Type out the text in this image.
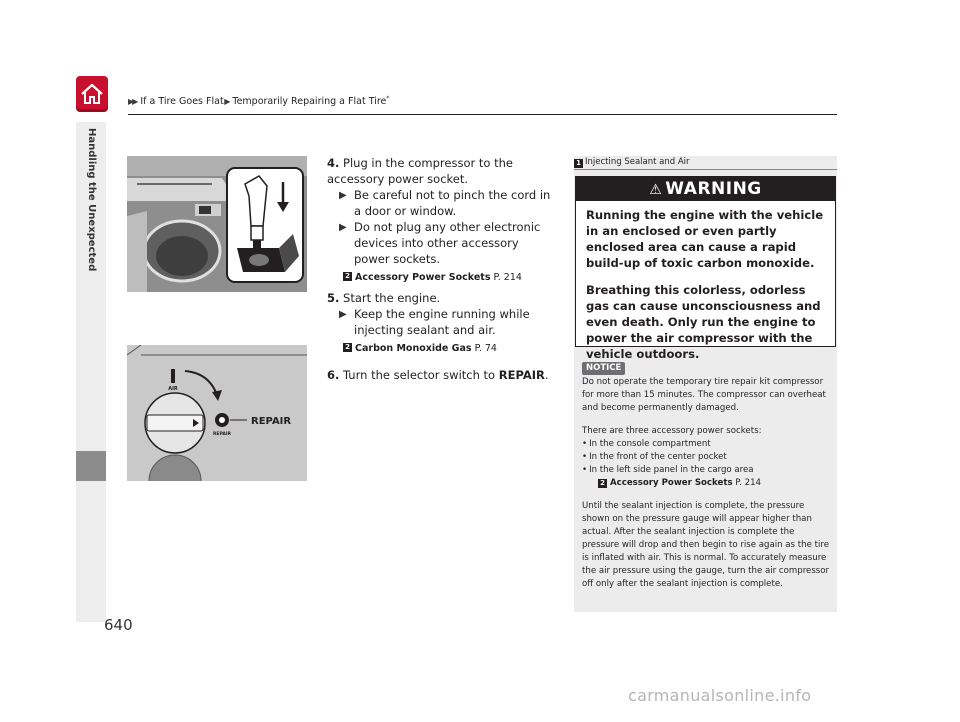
▶▶ If a Tire Goes Flat ▶ Temporarily Repairing a Flat Tire*
Handling the Unexpected
640
4. Plug in the compressor to the accessory power socket.
▶ Be careful not to pinch the cord in a door or window.
▶ Do not plug any other electronic devices into other accessory power sockets.
2 Accessory Power Sockets P. 214
5. Start the engine.
▶ Keep the engine running while injecting sealant and air.
2 Carbon Monoxide Gas P. 74
6. Turn the selector switch to REPAIR.
AIR
REPAIR
REPAIR
1 Injecting Sealant and Air
⚠ WARNING

Running the engine with the vehicle in an enclosed or even partly enclosed area can cause a rapid build-up of toxic carbon monoxide.

Breathing this colorless, odorless gas can cause unconsciousness and even death. Only run the engine to power the air compressor with the vehicle outdoors.

NOTICE

Do not operate the temporary tire repair kit compressor for more than 15 minutes. The compressor can overheat and become permanently damaged.

There are three accessory power sockets:

• In the console compartment
• In the front of the center pocket
• In the left side panel in the cargo area
2 Accessory Power Sockets P. 214

Until the sealant injection is complete, the pressure shown on the pressure gauge will appear higher than actual. After the sealant injection is complete the pressure will drop and then begin to rise again as the tire is inflated with air. This is normal. To accurately measure the air pressure using the gauge, turn the air compressor off only after the sealant injection is complete.

carmanualsonline.info
